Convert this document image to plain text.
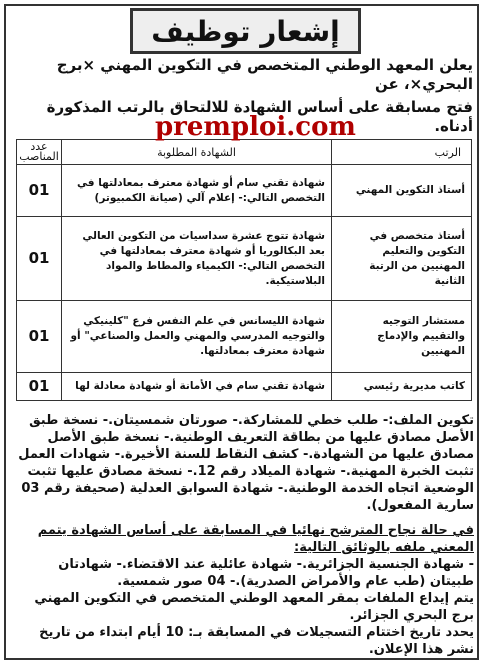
إشعار توظيف

يعلن المعهد الوطني المتخصص في التكوين المهني ×برج البحري×، عن

فتح مسابقة على أساس الشهادة للالتحاق بالرتب المذكورة أدناه.

premploi.com
الرتب	الشهادة المطلوبة	عدد المناصب
أستاذ التكوين المهني	شهادة تقني سام أو شهادة معترف بمعادلتها في التخصص التالي:- إعلام آلي (صيانة الكمبيوتر)	01
أستاذ متخصص في التكوين والتعليم المهنيين من الرتبة الثانية	شهادة تتوج عشرة سداسيات من التكوين العالي بعد البكالوريا أو شهادة معترف بمعادلتها في التخصص التالي:- الكيمياء والمطاط والمواد البلاستيكية.	01
مستشار التوجيه والتقييم والإدماج المهنيين	شهادة الليسانس في علم النفس فرع "كلينيكي والتوجيه المدرسي والمهني والعمل والصناعي" أو شهادة معترف بمعادلتها.	01
كاتب مديرية رئيسي	شهادة تقني سام في الأمانة أو شهادة معادلة لها	01

تكوين الملف:- طلب خطي للمشاركة.- صورتان شمسيتان.- نسخة طبق الأصل مصادق عليها من بطاقة التعريف الوطنية.- نسخة طبق الأصل مصادق عليها من الشهادة.- كشف النقاط للسنة الأخيرة.- شهادات العمل تثبت الخبرة المهنية.- شهادة الميلاد رقم 12.- نسخة مصادق عليها تثبت الوضعية اتجاه الخدمة الوطنية.- شهادة السوابق العدلية (صحيفة رقم 03 سارية المفعول).

في حالة نجاح المترشح نهائيا في المسابقة على أساس الشهادة يتمم المعني ملفه بالوثائق التالية:

- شهادة الجنسية الجزائرية.- شهادة عائلية عند الاقتضاء.- شهادتان طبيتان (طب عام والأمراض الصدرية).- 04 صور شمسية.

يتم إيداع الملفات بمقر المعهد الوطني المتخصص في التكوين المهني برج البحري الجزائر.

يحدد تاريخ اختتام التسجيلات في المسابقة بـ: 10 أيام ابتداء من تاريخ نشر هذا الإعلان.
